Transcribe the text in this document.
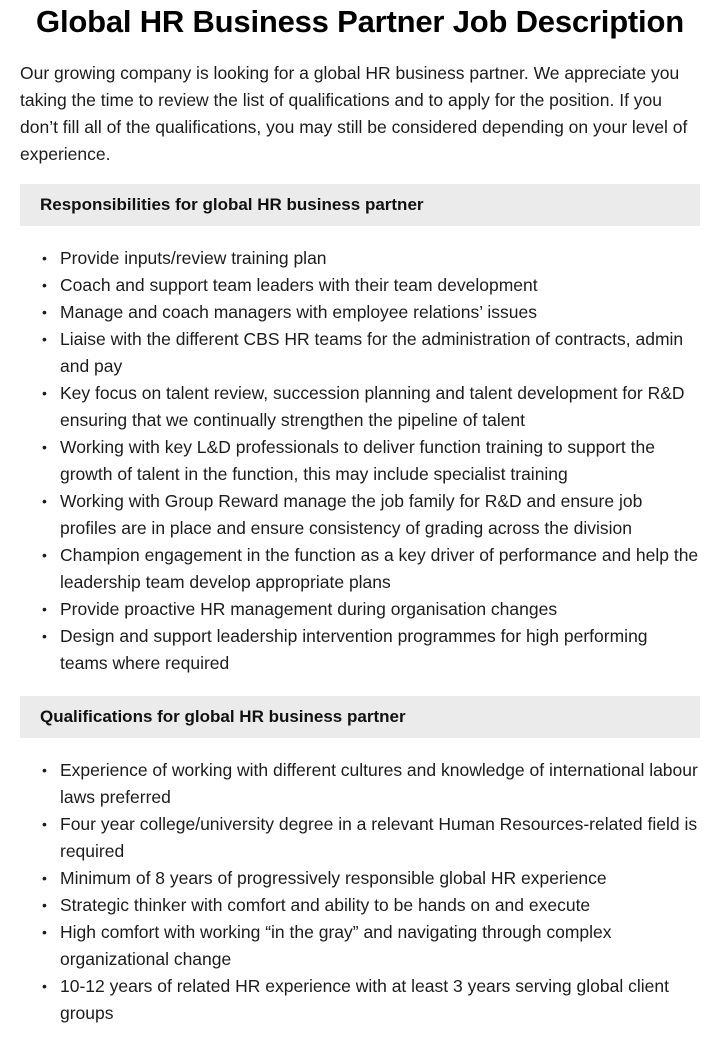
Global HR Business Partner Job Description

Our growing company is looking for a global HR business partner. We appreciate you taking the time to review the list of qualifications and to apply for the position. If you don’t fill all of the qualifications, you may still be considered depending on your level of experience.

Responsibilities for global HR business partner
• Provide inputs/review training plan
• Coach and support team leaders with their team development
• Manage and coach managers with employee relations’ issues
• Liaise with the different CBS HR teams for the administration of contracts, admin and pay
• Key focus on talent review, succession planning and talent development for R&D ensuring that we continually strengthen the pipeline of talent
• Working with key L&D professionals to deliver function training to support the growth of talent in the function, this may include specialist training
• Working with Group Reward manage the job family for R&D and ensure job profiles are in place and ensure consistency of grading across the division
• Champion engagement in the function as a key driver of performance and help the leadership team develop appropriate plans
• Provide proactive HR management during organisation changes
• Design and support leadership intervention programmes for high performing teams where required
Qualifications for global HR business partner
• Experience of working with different cultures and knowledge of international labour laws preferred
• Four year college/university degree in a relevant Human Resources-related field is required
• Minimum of 8 years of progressively responsible global HR experience
• Strategic thinker with comfort and ability to be hands on and execute
• High comfort with working “in the gray” and navigating through complex organizational change
• 10-12 years of related HR experience with at least 3 years serving global client groups
